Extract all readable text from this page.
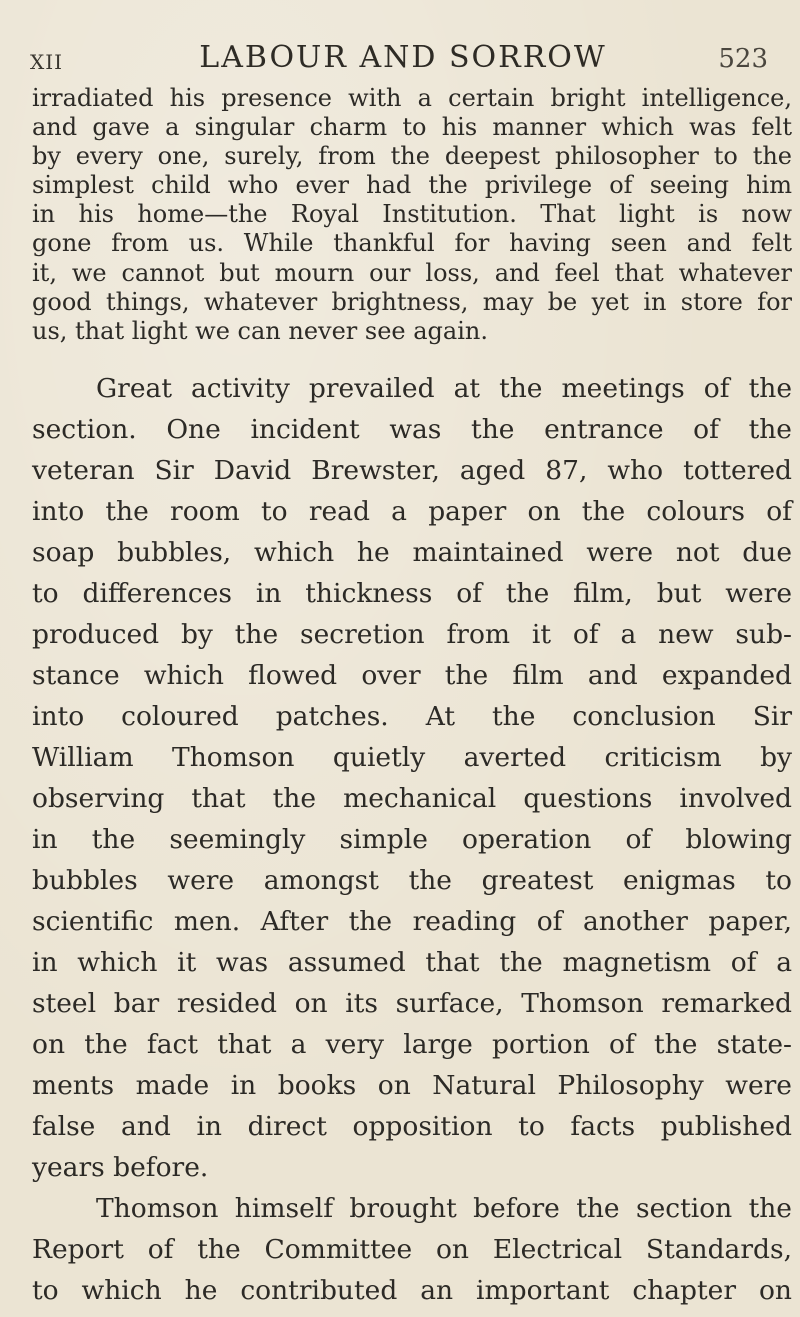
XII	LABOUR AND SORROW	523
irradiated his presence with a certain bright intelligence,
and gave a singular charm to his manner which was felt
by every one, surely, from the deepest philosopher to the
simplest child who ever had the privilege of seeing him
in his home—the Royal Institution. That light is now
gone from us. While thankful for having seen and felt
it, we cannot but mourn our loss, and feel that whatever
good things, whatever brightness, may be yet in store for
us, that light we can never see again.
Great activity prevailed at the meetings of the
section. One incident was the entrance of the
veteran Sir David Brewster, aged 87, who tottered
into the room to read a paper on the colours of
soap bubbles, which he maintained were not due
to differences in thickness of the film, but were
produced by the secretion from it of a new sub-
stance which flowed over the film and expanded
into coloured patches. At the conclusion Sir
William Thomson quietly averted criticism by
observing that the mechanical questions involved
in the seemingly simple operation of blowing
bubbles were amongst the greatest enigmas to
scientific men. After the reading of another paper,
in which it was assumed that the magnetism of a
steel bar resided on its surface, Thomson remarked
on the fact that a very large portion of the state-
ments made in books on Natural Philosophy were
false and in direct opposition to facts published
years before.
Thomson himself brought before the section the
Report of the Committee on Electrical Standards,
to which he contributed an important chapter on
